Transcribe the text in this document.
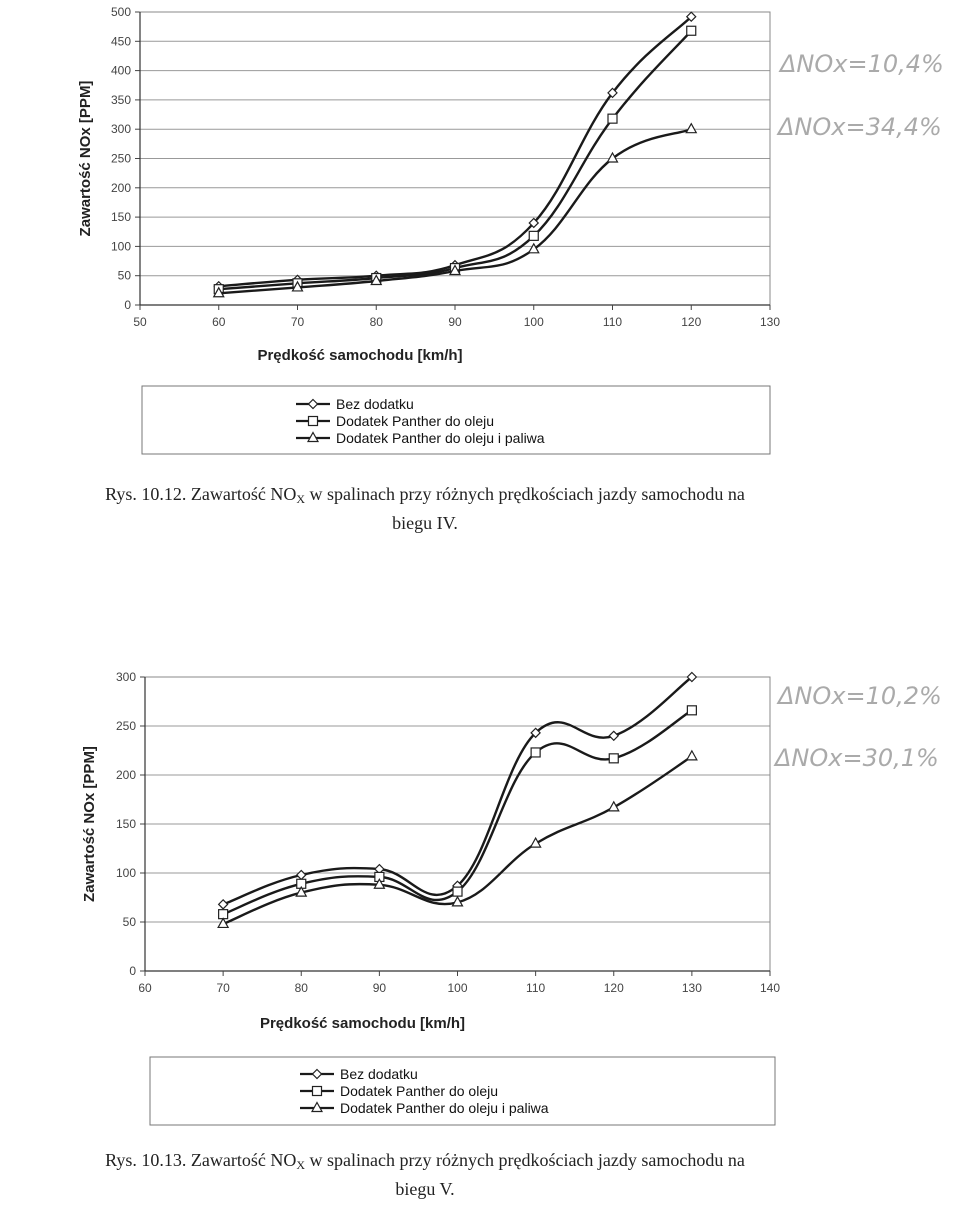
0
50
100
150
200
250
300
350
400
450
500
50	60	70	80	90	100	110	120	130
Prędkość samochodu [km/h]
Zawartość NOx [PPM]
Bez dodatku
Dodatek Panther do oleju
Dodatek Panther do oleju i paliwa
ΔNOx=10,4%
ΔNOx=34,4%
0
50
100
150
200
250
300
60	70	80	90	100	110	120	130	140
Prędkość samochodu [km/h]
Zawartość NOx [PPM]
Bez dodatku
Dodatek Panther do oleju
Dodatek Panther do oleju i paliwa
ΔNOx=10,2%
ΔNOx=30,1%
Rys. 10.12. Zawartość $NO_X$ w spalinach przy różnych prędkościach jazdy samochodu na
biegu IV.
Rys. 10.13. Zawartość $NO_X$ w spalinach przy różnych prędkościach jazdy samochodu na
biegu V.
